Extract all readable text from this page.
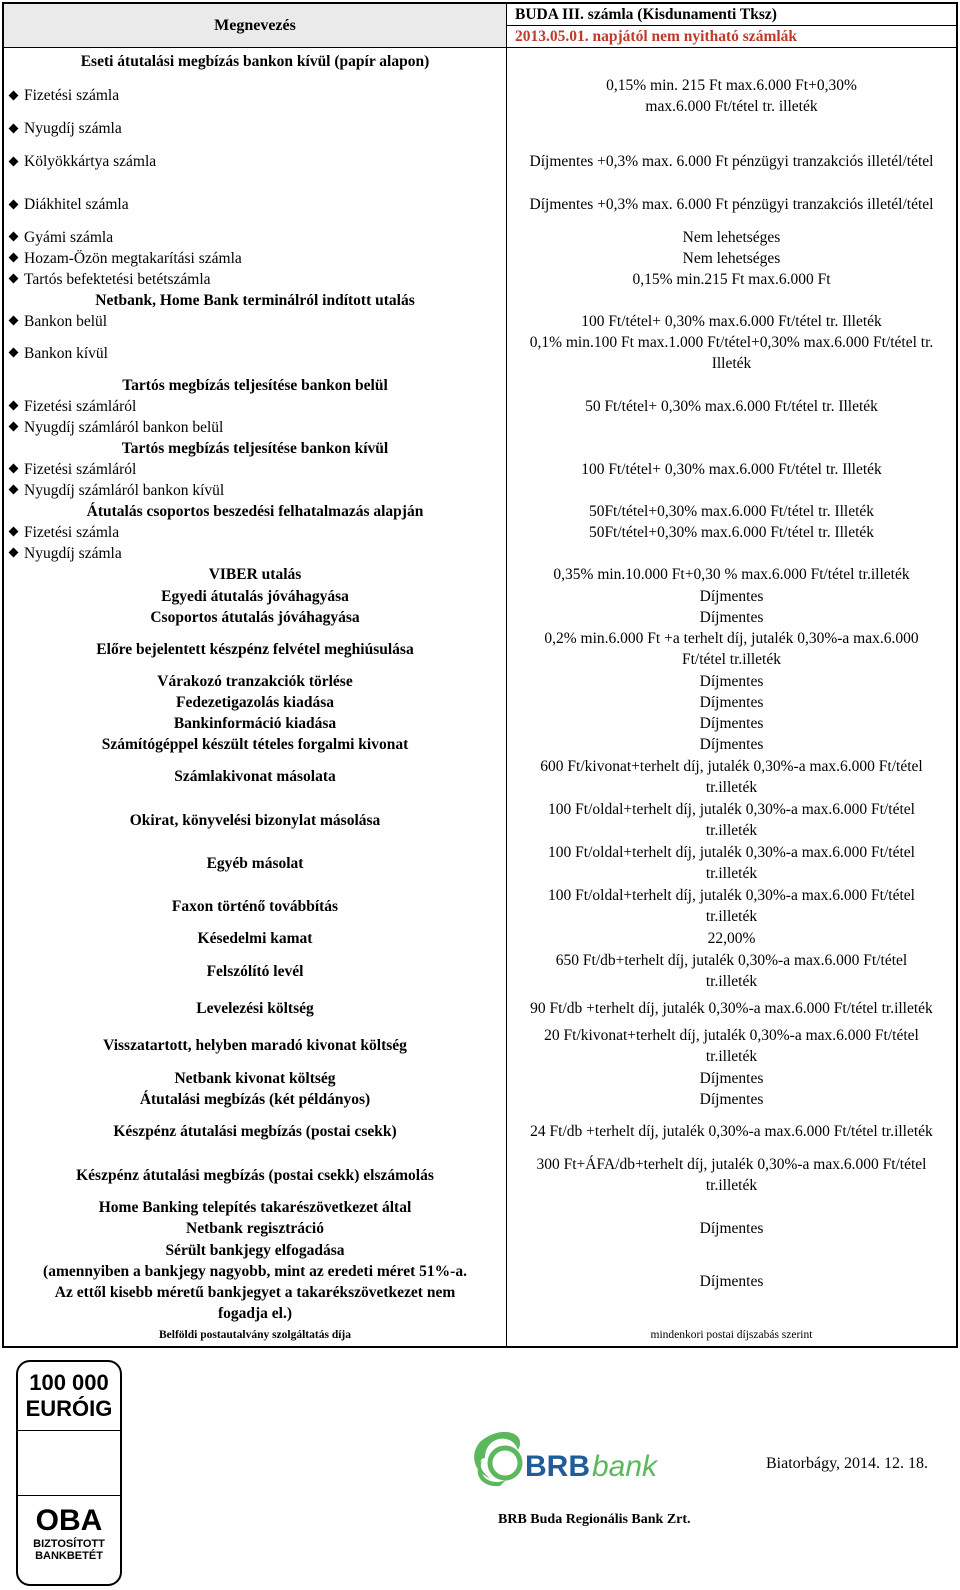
Megnevezés	BUDA III. számla (Kisdunamenti Tksz)
	2013.05.01. napjától nem nyitható számlák
Eseti átutalási megbízás bankon kívül (papír alapon)	
Fizetési számla	0,15% min. 215 Ft max.6.000 Ft+0,30%
max.6.000 Ft/tétel tr. illeték
Nyugdíj számla	
Kölyökkártya számla	Díjmentes +0,3% max. 6.000 Ft pénzügyi tranzakciós illetél/tétel
Diákhitel számla	Díjmentes +0,3% max. 6.000 Ft pénzügyi tranzakciós illetél/tétel
Gyámi számla	Nem lehetséges
Hozam-Özön megtakarítási számla	Nem lehetséges
Tartós befektetési betétszámla	0,15% min.215 Ft max.6.000 Ft
Netbank, Home Bank terminálról indított utalás	
Bankon belül	100 Ft/tétel+ 0,30% max.6.000 Ft/tétel tr. Illeték
Bankon kívül	0,1% min.100 Ft max.1.000 Ft/tétel+0,30% max.6.000 Ft/tétel tr.
Illeték
Tartós megbízás teljesítése bankon belül	
Fizetési számláról	50 Ft/tétel+ 0,30% max.6.000 Ft/tétel tr. Illeték
Nyugdíj számláról bankon belül	
Tartós megbízás teljesítése bankon kívül	
Fizetési számláról	100 Ft/tétel+ 0,30% max.6.000 Ft/tétel tr. Illeték
Nyugdíj számláról bankon kívül	
Átutalás csoportos beszedési felhatalmazás alapján	50Ft/tétel+0,30% max.6.000 Ft/tétel tr. Illeték
Fizetési számla	50Ft/tétel+0,30% max.6.000 Ft/tétel tr. Illeték
Nyugdíj számla	
VIBER utalás	0,35% min.10.000 Ft+0,30 % max.6.000 Ft/tétel tr.illeték
Egyedi átutalás jóváhagyása	Díjmentes
Csoportos átutalás jóváhagyása	Díjmentes
Előre bejelentett készpénz felvétel meghiúsulása	0,2% min.6.000 Ft +a terhelt díj, jutalék 0,30%-a max.6.000
Ft/tétel tr.illeték
Várakozó tranzakciók törlése	Díjmentes
Fedezetigazolás kiadása	Díjmentes
Bankinformáció kiadása	Díjmentes
Számítógéppel készült tételes forgalmi kivonat	Díjmentes
Számlakivonat másolata	600 Ft/kivonat+terhelt díj, jutalék 0,30%-a max.6.000 Ft/tétel
tr.illeték
Okirat, könyvelési bizonylat másolása	100 Ft/oldal+terhelt díj, jutalék 0,30%-a max.6.000 Ft/tétel
tr.illeték
Egyéb másolat	100 Ft/oldal+terhelt díj, jutalék 0,30%-a max.6.000 Ft/tétel
tr.illeték
Faxon történő továbbítás	100 Ft/oldal+terhelt díj, jutalék 0,30%-a max.6.000 Ft/tétel
tr.illeték
Késedelmi kamat	22,00%
Felszólító levél	650 Ft/db+terhelt díj, jutalék 0,30%-a max.6.000 Ft/tétel
tr.illeték
Levelezési költség	90 Ft/db +terhelt díj, jutalék 0,30%-a max.6.000 Ft/tétel tr.illeték
Visszatartott, helyben maradó kivonat költség	20 Ft/kivonat+terhelt díj, jutalék 0,30%-a max.6.000 Ft/tétel
tr.illeték
Netbank kivonat költség	Díjmentes
Átutalási megbízás (két példányos)	Díjmentes
Készpénz átutalási megbízás (postai csekk)	24 Ft/db +terhelt díj, jutalék 0,30%-a max.6.000 Ft/tétel tr.illeték
Készpénz átutalási megbízás (postai csekk) elszámolás	300 Ft+ÁFA/db+terhelt díj, jutalék 0,30%-a max.6.000 Ft/tétel
tr.illeték
Home Banking telepítés takarészövetkezet által	
Netbank regisztráció	Díjmentes
Sérült bankjegy elfogadása
(amennyiben a bankjegy nagyobb, mint az eredeti méret 51%-a.
Az ettől kisebb méretű bankjegyet a takarékszövetkezet nem
fogadja el.)	Díjmentes
Belföldi postautalvány szolgáltatás díja	mindenkori postai díjszabás szerint
100 000
EURÓIG
OBA
BIZTOSÍTOTT
BANKBETÉT
BRB bank
BRB Buda Regionális Bank Zrt.
Biatorbágy, 2014. 12. 18.
